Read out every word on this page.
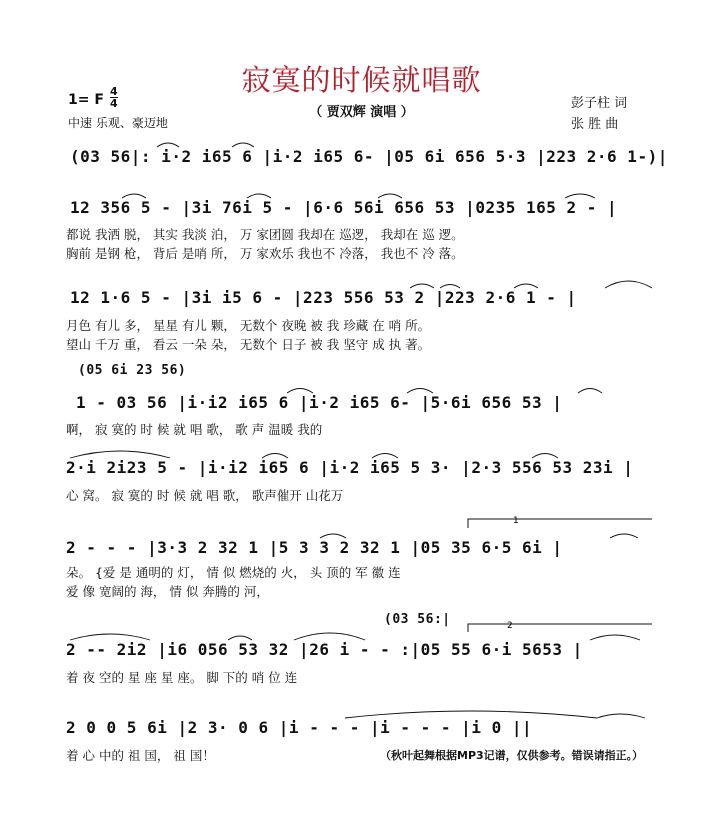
寂寞的时候就唱歌
（ 贾双辉 演唱 ）
1= F $\frac{4}{4}$
中速 乐观、豪迈地
彭子柱 词
张 胜 曲
(03 56|: i·2 i65 6 |i·2 i65 6- |05 6i 656 5·3 |223 2·6 1-)|
12 356 5 - |3i 76i 5 - |6·6 56i 656 53 |0235 165 2 - |
都说 我洒 脱， 其实 我淡 泊， 万 家团圆 我却在 巡逻， 我却在 巡 逻。
胸前 是钢 枪， 背后 是哨 所， 万 家欢乐 我也不 冷落， 我也不 冷 落。
12 1·6 5 - |3i i5 6 - |223 556 53 2 |223 2·6 1 - |
月色 有儿 多， 星星 有儿 颗， 无数个 夜晚 被 我 珍藏 在 哨 所。
望山 千万 重， 看云 一朵 朵， 无数个 日子 被 我 坚守 成 执 著。
(05 6i 23 56)
1 - 03 56 |i·i2 i65 6 |i·2 i65 6- |5·6i 656 53 |
啊， 寂 寞的 时 候 就 唱 歌， 歌 声 温暖 我的
2·i 2i23 5 - |i·i2 i65 6 |i·2 i65 5 3· |2·3 556 53 23i |
心 窝。 寂 寞的 时 候 就 唱 歌， 歌声催开 山花万
2 - - - |3·3 2 32 1 |5 3 3 2 32 1 |05 35 6·5 6i |
朵。 {爱 是 通明的 灯， 情 似 燃烧的 火， 头 顶的 军 徽 连
爱 像 宽阔的 海， 情 似 奔腾的 河，
(03 56:|
2 -- 2i2 |i6 056 53 32 |26 i - - :|05 55 6·i 5653 |
着 夜 空的 星 座 星 座。 脚 下的 哨 位 连
2 0 0 5 6i |2 3· 0 6 |i - - - |i - - - |i 0 ||
着 心 中的 祖 国， 祖 国！	（秋叶起舞根据MP3记谱，仅供参考。错误请指正。）
1
2
